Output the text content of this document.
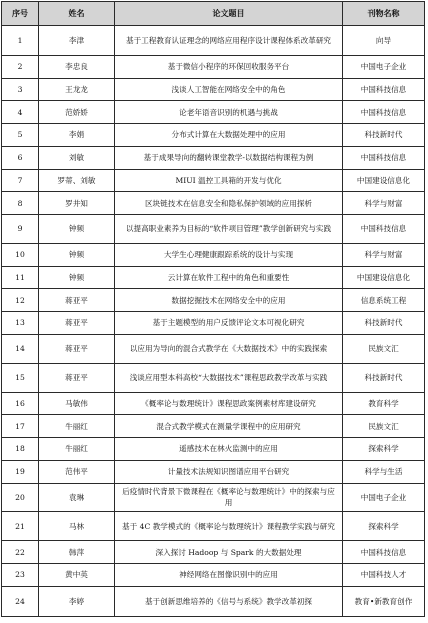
序号	姓名	论文题目	刊物名称
1	李津	基于工程教育认证理念的网络应用程序设计课程体系改革研究	向导
2	李忠良	基于微信小程序的环保回收服务平台	中国电子企业
3	王龙龙	浅谈人工智能在网络安全中的角色	中国科技信息
4	范娇娇	论老年语音识别的机遇与挑战	中国科技信息
5	李娟	分布式计算在大数据处理中的应用	科技新时代
6	刘敏	基于成果导向的翻转课堂教学-以数据结构课程为例	中国科技信息
7	罗蒂、刘敏	MIUI 温控工具箱的开发与优化	中国建设信息化
8	罗井知	区块链技术在信息安全和隐私保护领域的应用探析	科学与财富
9	钟频	以提高职业素养为目标的“软件项目管理”教学创新研究与实践	中国科技信息
10	钟频	大学生心理健康跟踪系统的设计与实现	科学与财富
11	钟频	云计算在软件工程中的角色和重要性	中国建设信息化
12	蒋亚平	数据挖掘技术在网络安全中的应用	信息系统工程
13	蒋亚平	基于主题模型的用户反馈评论文本可视化研究	科技新时代
14	蒋亚平	以应用为导向的混合式教学在《大数据技术》中的实践探索	民族文汇
15	蒋亚平	浅谈应用型本科高校“大数据技术”课程思政教学改革与实践	科技新时代
16	马敏伟	《概率论与数理统计》课程思政案例素材库建设研究	教育科学
17	牛丽红	混合式教学模式在测量学课程中的应用研究	民族文汇
18	牛丽红	遥感技术在林火监测中的应用	探索科学
19	范伟平	计量技术法规知识图谱应用平台研究	科学与生活
20	袁琳	后疫情时代背景下微课程在《概率论与数理统计》中的探索与应用	中国电子企业
21	马林	基于 4C 教学模式的《概率论与数理统计》课程教学实践与研究	探索科学
22	韩萍	深入探讨 Hadoop 与 Spark 的大数据处理	中国科技信息
23	黄中英	神经网络在图像识别中的应用	中国科技人才
24	李婷	基于创新思维培养的《信号与系统》教学改革初探	教育•新教育创作
